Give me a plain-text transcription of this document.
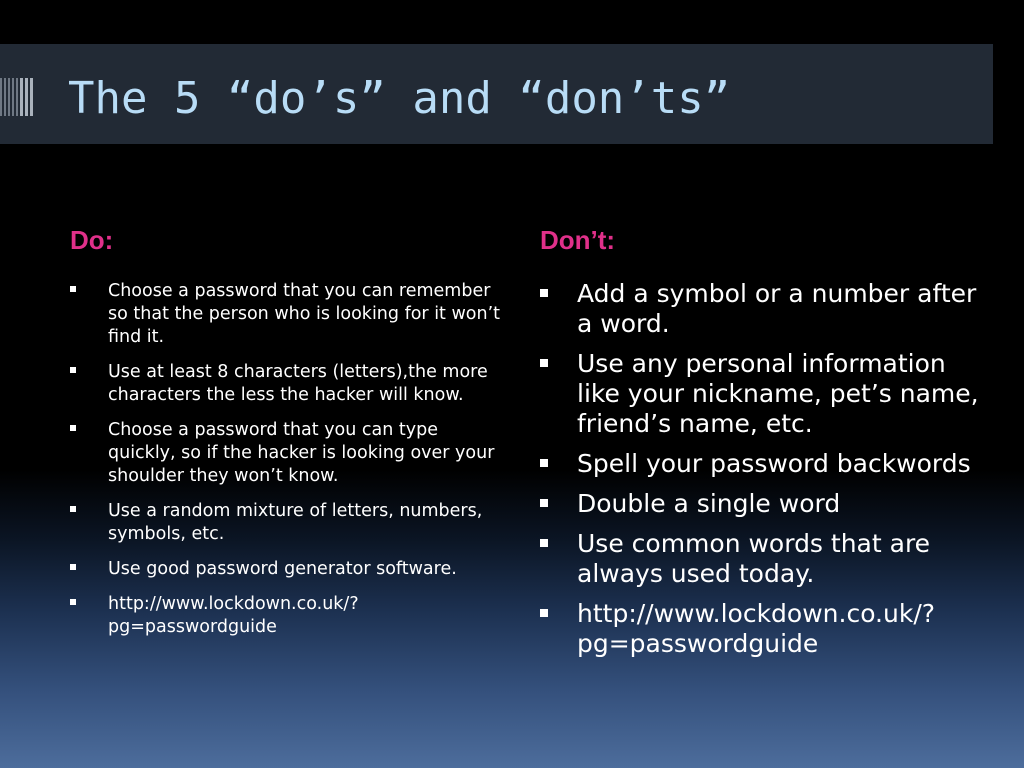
The 5 “do’s” and “don’ts”
Do:	Don’t:
Choose a password that you can remember so that the person who is looking for it won’t find it.
Use at least 8 characters (letters),the more characters the less the hacker will know.
Choose a password that you can type quickly, so if the hacker is looking over your shoulder they won’t know.
Use a random mixture of letters, numbers, symbols, etc.
Use good password generator software.
http://www.lockdown.co.uk/?pg=passwordguide
Add a symbol or a number after a word.
Use any personal information like your nickname, pet’s name, friend’s name, etc.
Spell your password backwords
Double a single word
Use common words that are always used today.
http://www.lockdown.co.uk/?pg=passwordguide
